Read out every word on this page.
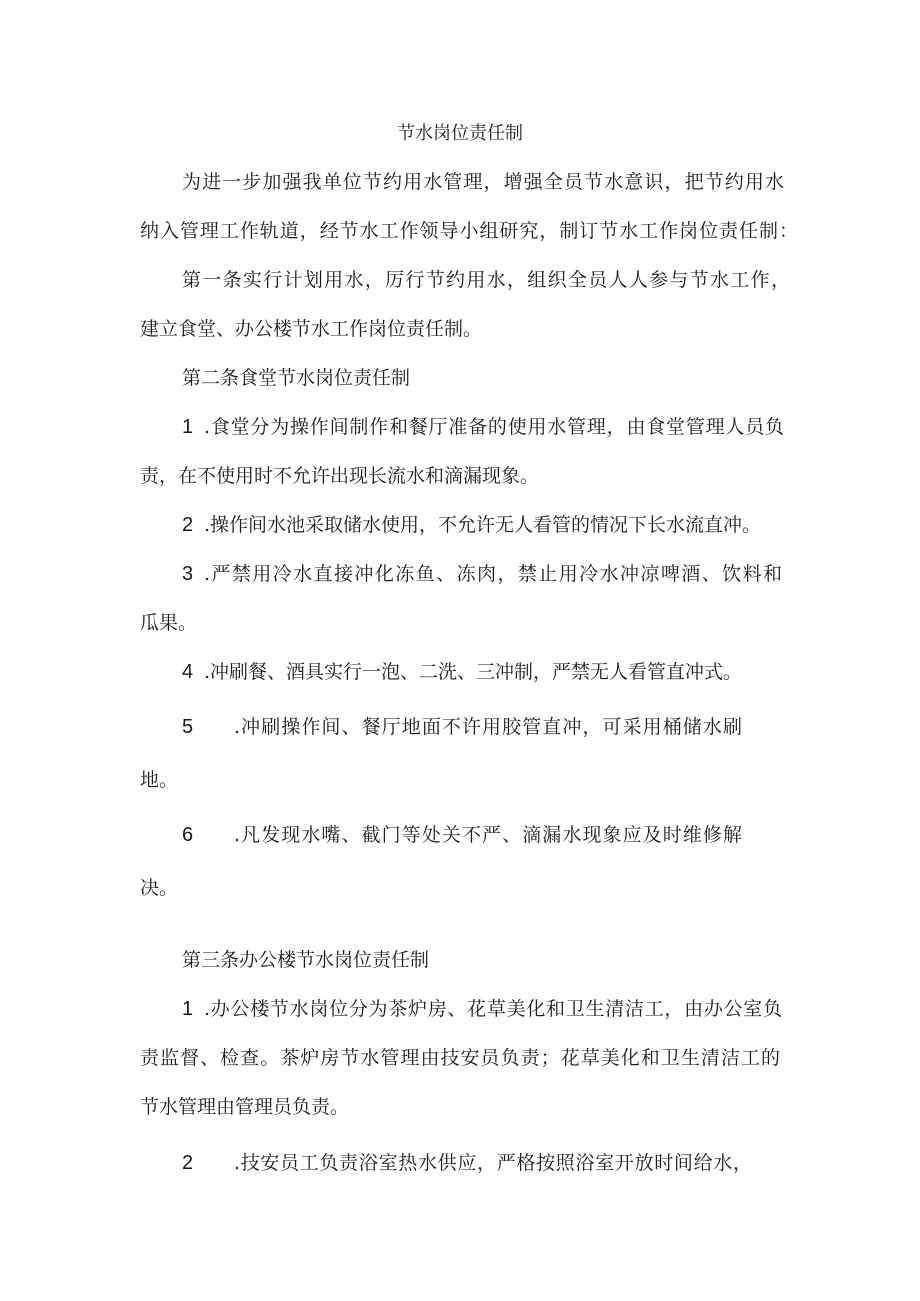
节水岗位责任制
为进一步加强我单位节约用水管理，增强全员节水意识，把节约用水
纳入管理工作轨道，经节水工作领导小组研究，制订节水工作岗位责任制：
第一条实行计划用水，厉行节约用水，组织全员人人参与节水工作，
建立食堂、办公楼节水工作岗位责任制。
第二条食堂节水岗位责任制
1 .食堂分为操作间制作和餐厅准备的使用水管理，由食堂管理人员负
责，在不使用时不允许出现长流水和滴漏现象。
2 .操作间水池采取储水使用，不允许无人看管的情况下长水流直冲。
3 .严禁用冷水直接冲化冻鱼、冻肉，禁止用冷水冲凉啤酒、饮料和
瓜果。
4 .冲刷餐、酒具实行一泡、二洗、三冲制，严禁无人看管直冲式。
5 .冲刷操作间、餐厅地面不许用胶管直冲，可采用桶储水刷
地。
6 .凡发现水嘴、截门等处关不严、滴漏水现象应及时维修解
决。
第三条办公楼节水岗位责任制
1 .办公楼节水岗位分为茶炉房、花草美化和卫生清洁工，由办公室负
责监督、检查。茶炉房节水管理由技安员负责；花草美化和卫生清洁工的
节水管理由管理员负责。
2 .技安员工负责浴室热水供应，严格按照浴室开放时间给水，
